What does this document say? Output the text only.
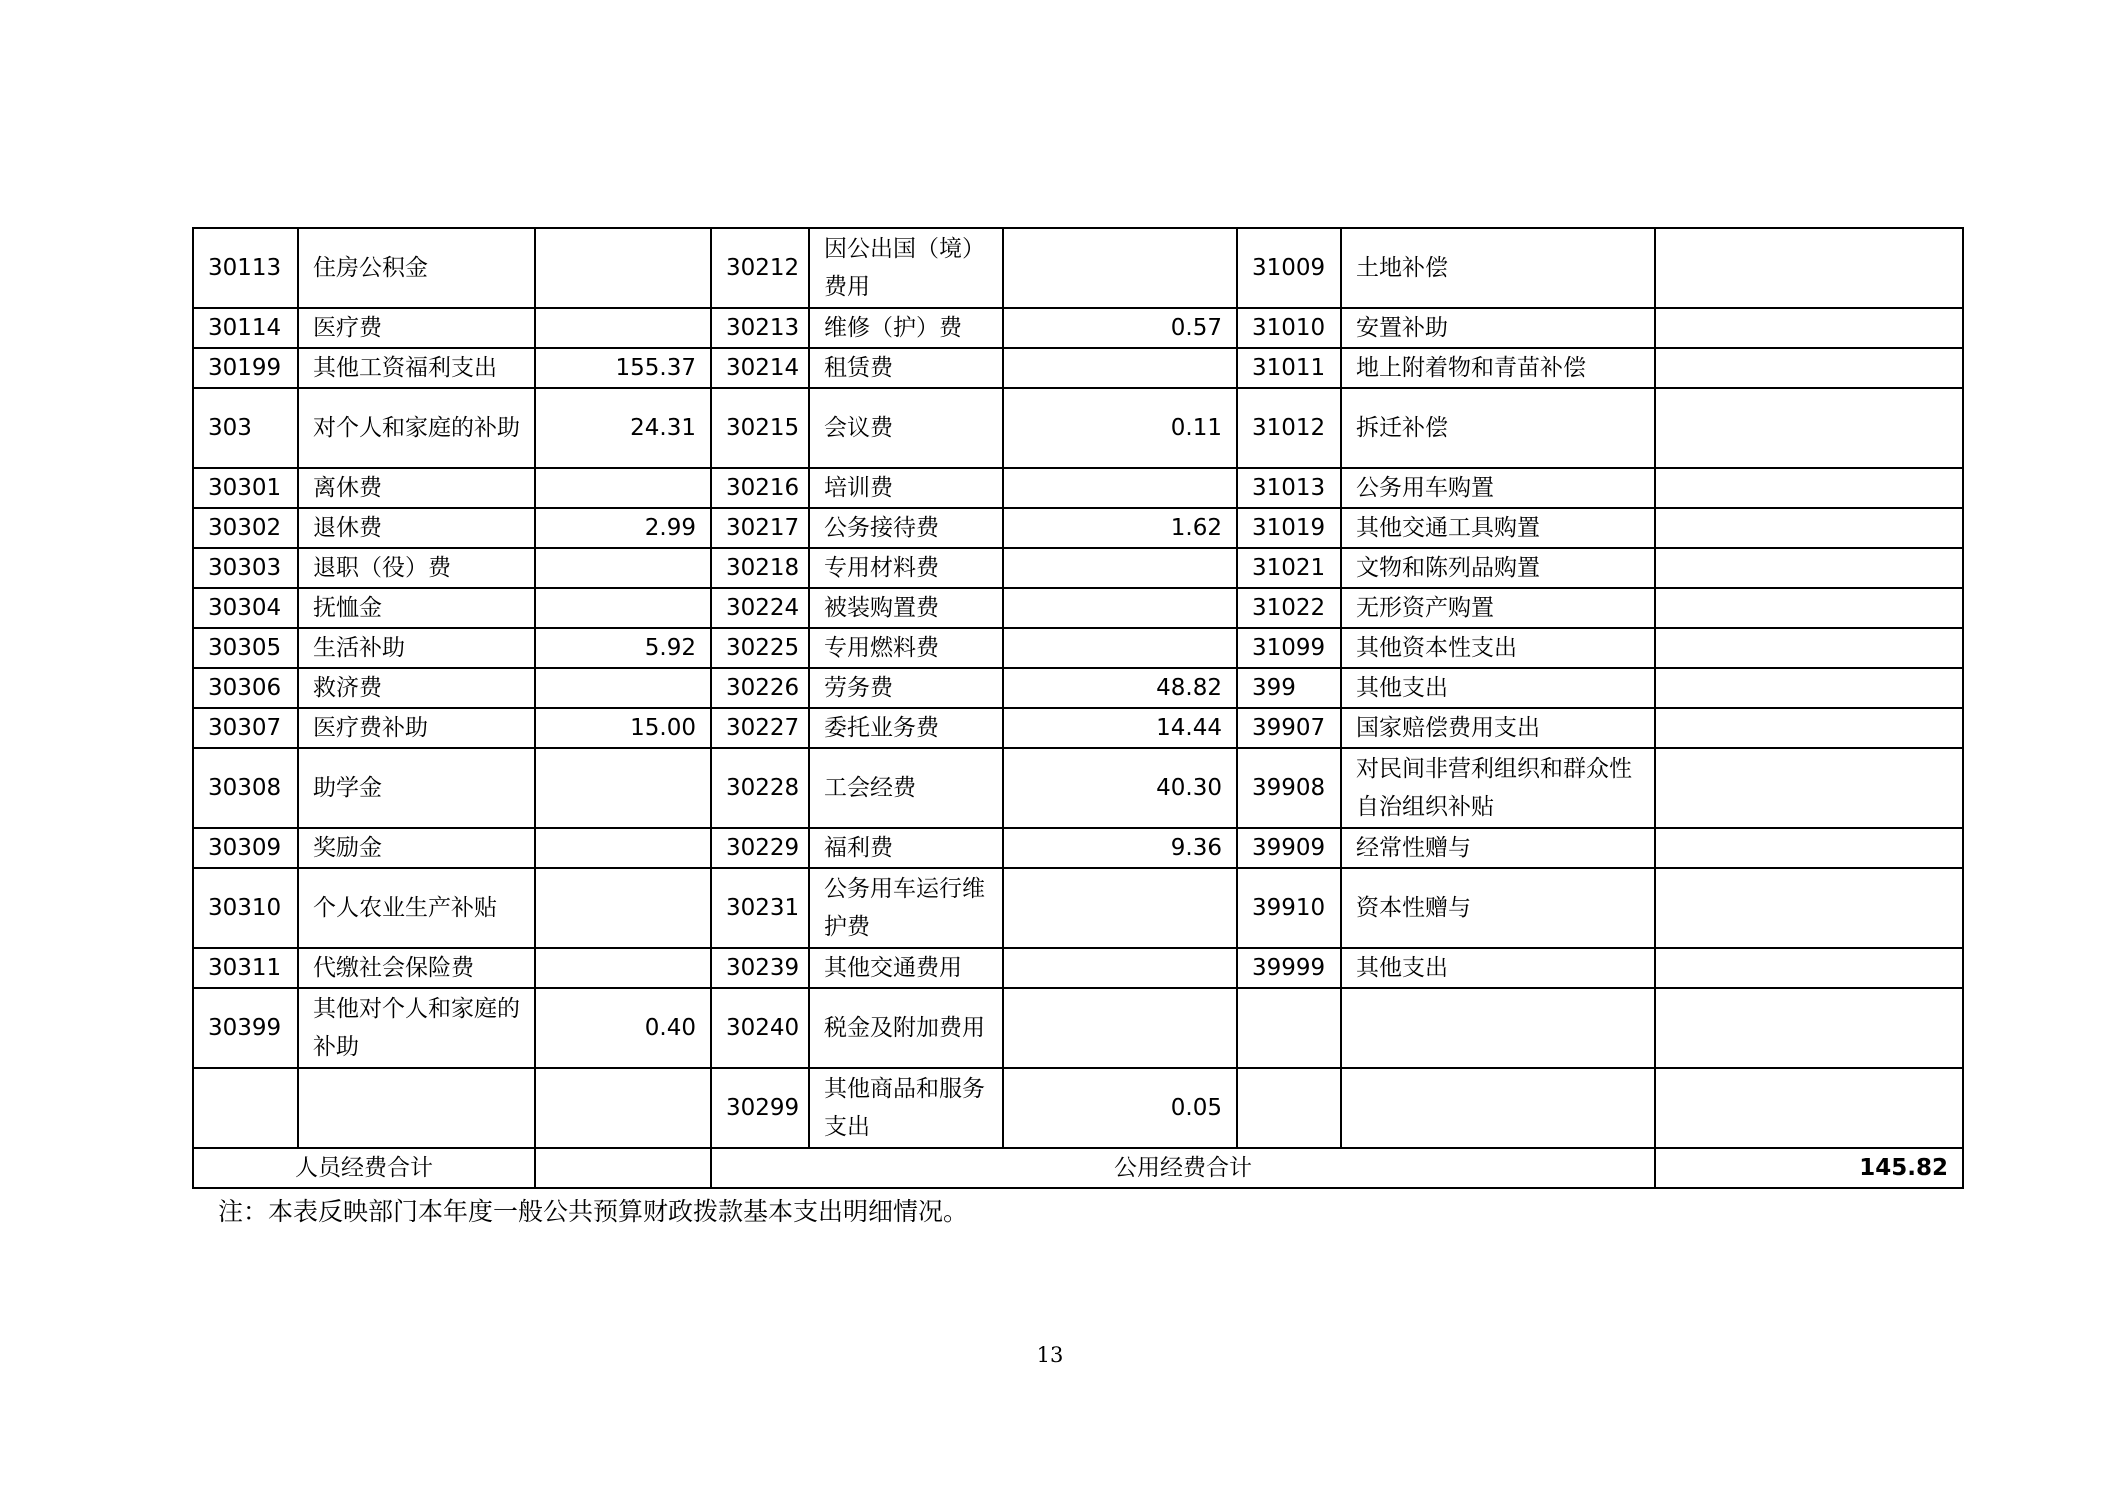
30113	住房公积金		30212	因公出国（境）费用		31009	土地补偿	
30114	医疗费		30213	维修（护）费	0.57	31010	安置补助	
30199	其他工资福利支出	155.37	30214	租赁费		31011	地上附着物和青苗补偿	
303	对个人和家庭的补助	24.31	30215	会议费	0.11	31012	拆迁补偿	
30301	离休费		30216	培训费		31013	公务用车购置	
30302	退休费	2.99	30217	公务接待费	1.62	31019	其他交通工具购置	
30303	退职（役）费		30218	专用材料费		31021	文物和陈列品购置	
30304	抚恤金		30224	被装购置费		31022	无形资产购置	
30305	生活补助	5.92	30225	专用燃料费		31099	其他资本性支出	
30306	救济费		30226	劳务费	48.82	399	其他支出	
30307	医疗费补助	15.00	30227	委托业务费	14.44	39907	国家赔偿费用支出	
30308	助学金		30228	工会经费	40.30	39908	对民间非营利组织和群众性自治组织补贴	
30309	奖励金		30229	福利费	9.36	39909	经常性赠与	
30310	个人农业生产补贴		30231	公务用车运行维护费		39910	资本性赠与	
30311	代缴社会保险费		30239	其他交通费用		39999	其他支出	
30399	其他对个人和家庭的补助	0.40	30240	税金及附加费用				
			30299	其他商品和服务支出	0.05			
人员经费合计			公用经费合计					145.82
注：本表反映部门本年度一般公共预算财政拨款基本支出明细情况。
13
